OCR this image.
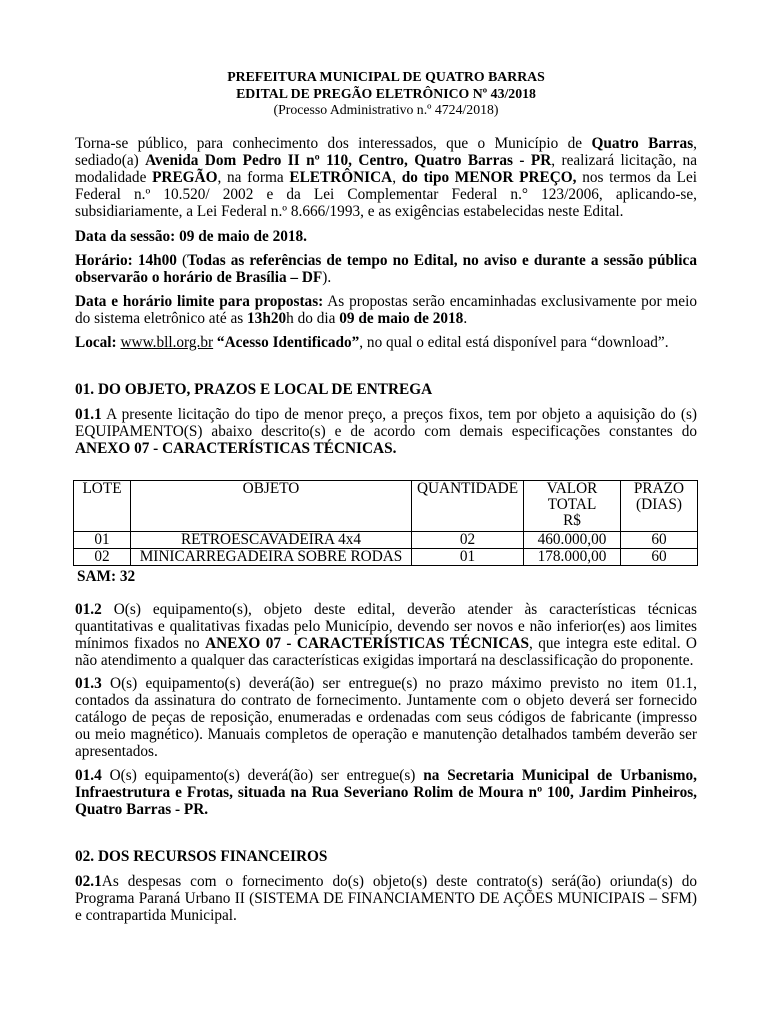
PREFEITURA MUNICIPAL DE QUATRO BARRAS
EDITAL DE PREGÃO ELETRÔNICO Nº 43/2018
(Processo Administrativo n.º 4724/2018)

Torna-se público, para conhecimento dos interessados, que o Município de Quatro Barras, sediado(a) Avenida Dom Pedro II nº 110, Centro, Quatro Barras - PR, realizará licitação, na modalidade PREGÃO, na forma ELETRÔNICA, do tipo MENOR PREÇO, nos termos da Lei Federal n.º 10.520/ 2002 e da Lei Complementar Federal n.° 123/2006, aplicando-se, subsidiariamente, a Lei Federal n.º 8.666/1993, e as exigências estabelecidas neste Edital.

Data da sessão: 09 de maio de 2018.

Horário: 14h00 (Todas as referências de tempo no Edital, no aviso e durante a sessão pública observarão o horário de Brasília – DF).

Data e horário limite para propostas: As propostas serão encaminhadas exclusivamente por meio do sistema eletrônico até as 13h20h do dia 09 de maio de 2018.

Local: www.bll.org.br “Acesso Identificado”, no qual o edital está disponível para “download”.

01. DO OBJETO, PRAZOS E LOCAL DE ENTREGA

01.1 A presente licitação do tipo de menor preço, a preços fixos, tem por objeto a aquisição do (s) EQUIPAMENTO(S) abaixo descrito(s) e de acordo com demais especificações constantes do ANEXO 07 - CARACTERÍSTICAS TÉCNICAS.

LOTE	OBJETO	QUANTIDADE	VALOR TOTAL R$	PRAZO (DIAS)
01	RETROESCAVADEIRA 4x4	02	460.000,00	60
02	MINICARREGADEIRA SOBRE RODAS	01	178.000,00	60
SAM: 32

01.2 O(s) equipamento(s), objeto deste edital, deverão atender às características técnicas quantitativas e qualitativas fixadas pelo Município, devendo ser novos e não inferior(es) aos limites mínimos fixados no ANEXO 07 - CARACTERÍSTICAS TÉCNICAS, que integra este edital. O não atendimento a qualquer das características exigidas importará na desclassificação do proponente.

01.3 O(s) equipamento(s) deverá(ão) ser entregue(s) no prazo máximo previsto no item 01.1, contados da assinatura do contrato de fornecimento. Juntamente com o objeto deverá ser fornecido catálogo de peças de reposição, enumeradas e ordenadas com seus códigos de fabricante (impresso ou meio magnético). Manuais completos de operação e manutenção detalhados também deverão ser apresentados.

01.4 O(s) equipamento(s) deverá(ão) ser entregue(s) na Secretaria Municipal de Urbanismo, Infraestrutura e Frotas, situada na Rua Severiano Rolim de Moura nº 100, Jardim Pinheiros, Quatro Barras - PR.

02. DOS RECURSOS FINANCEIROS

02.1As despesas com o fornecimento do(s) objeto(s) deste contrato(s) será(ão) oriunda(s) do Programa Paraná Urbano II (SISTEMA DE FINANCIAMENTO DE AÇÕES MUNICIPAIS – SFM) e contrapartida Municipal.
